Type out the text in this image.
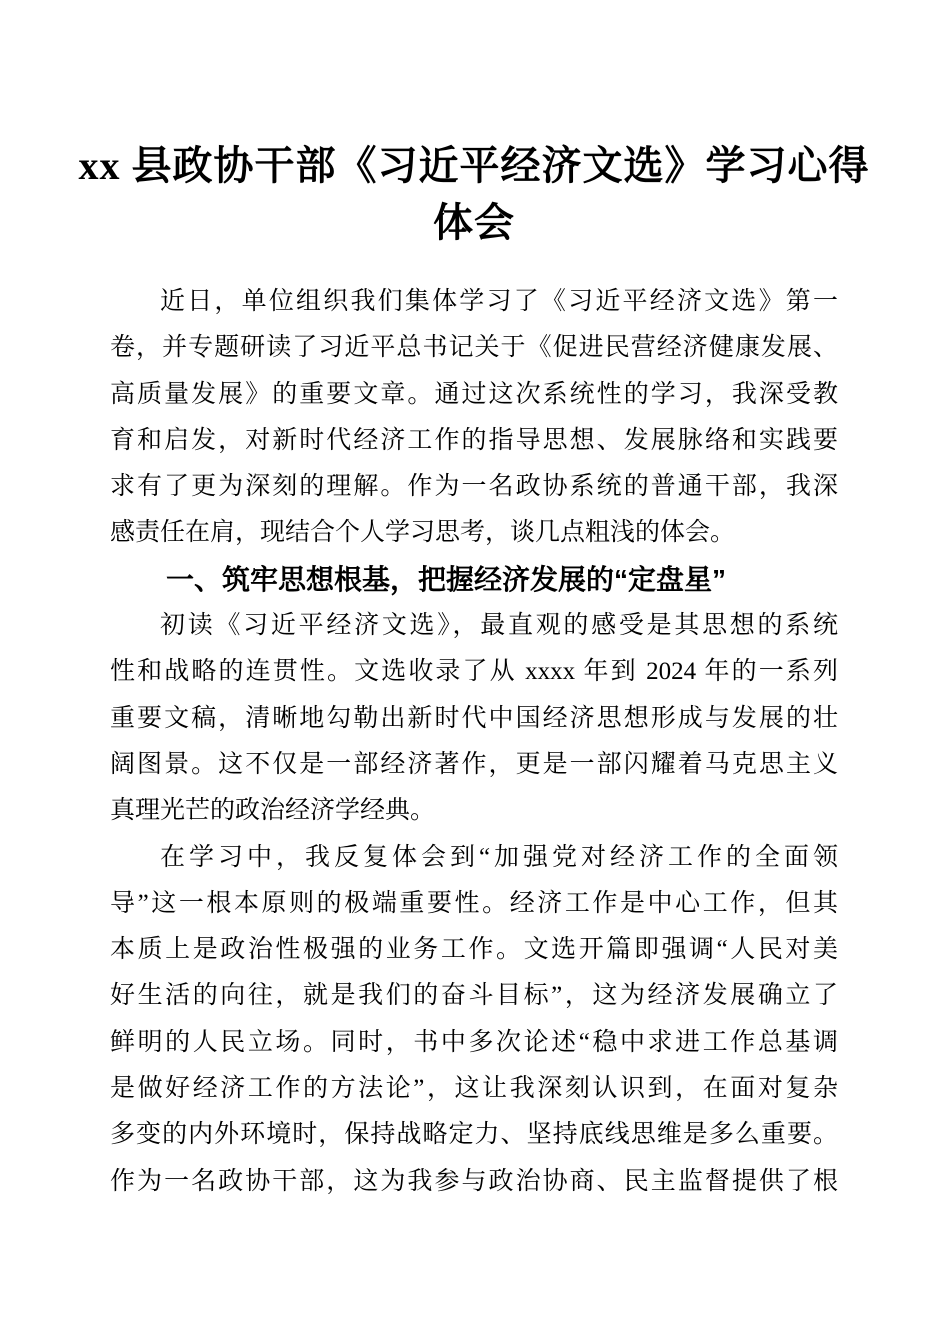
xx 县政协干部《习近平经济文选》学习心得
体会
近日，单位组织我们集体学习了《习近平经济文选》第一
卷，并专题研读了习近平总书记关于《促进民营经济健康发展、
高质量发展》的重要文章。通过这次系统性的学习，我深受教
育和启发，对新时代经济工作的指导思想、发展脉络和实践要
求有了更为深刻的理解。作为一名政协系统的普通干部，我深
感责任在肩，现结合个人学习思考，谈几点粗浅的体会。
一、筑牢思想根基，把握经济发展的“定盘星”
初读《习近平经济文选》，最直观的感受是其思想的系统
性和战略的连贯性。文选收录了从 xxxx 年到 2024 年的一系列
重要文稿，清晰地勾勒出新时代中国经济思想形成与发展的壮
阔图景。这不仅是一部经济著作，更是一部闪耀着马克思主义
真理光芒的政治经济学经典。
在学习中，我反复体会到“加强党对经济工作的全面领
导”这一根本原则的极端重要性。经济工作是中心工作，但其
本质上是政治性极强的业务工作。文选开篇即强调“人民对美
好生活的向往，就是我们的奋斗目标”，这为经济发展确立了
鲜明的人民立场。同时，书中多次论述“稳中求进工作总基调
是做好经济工作的方法论”，这让我深刻认识到，在面对复杂
多变的内外环境时，保持战略定力、坚持底线思维是多么重要。
作为一名政协干部，这为我参与政治协商、民主监督提供了根
